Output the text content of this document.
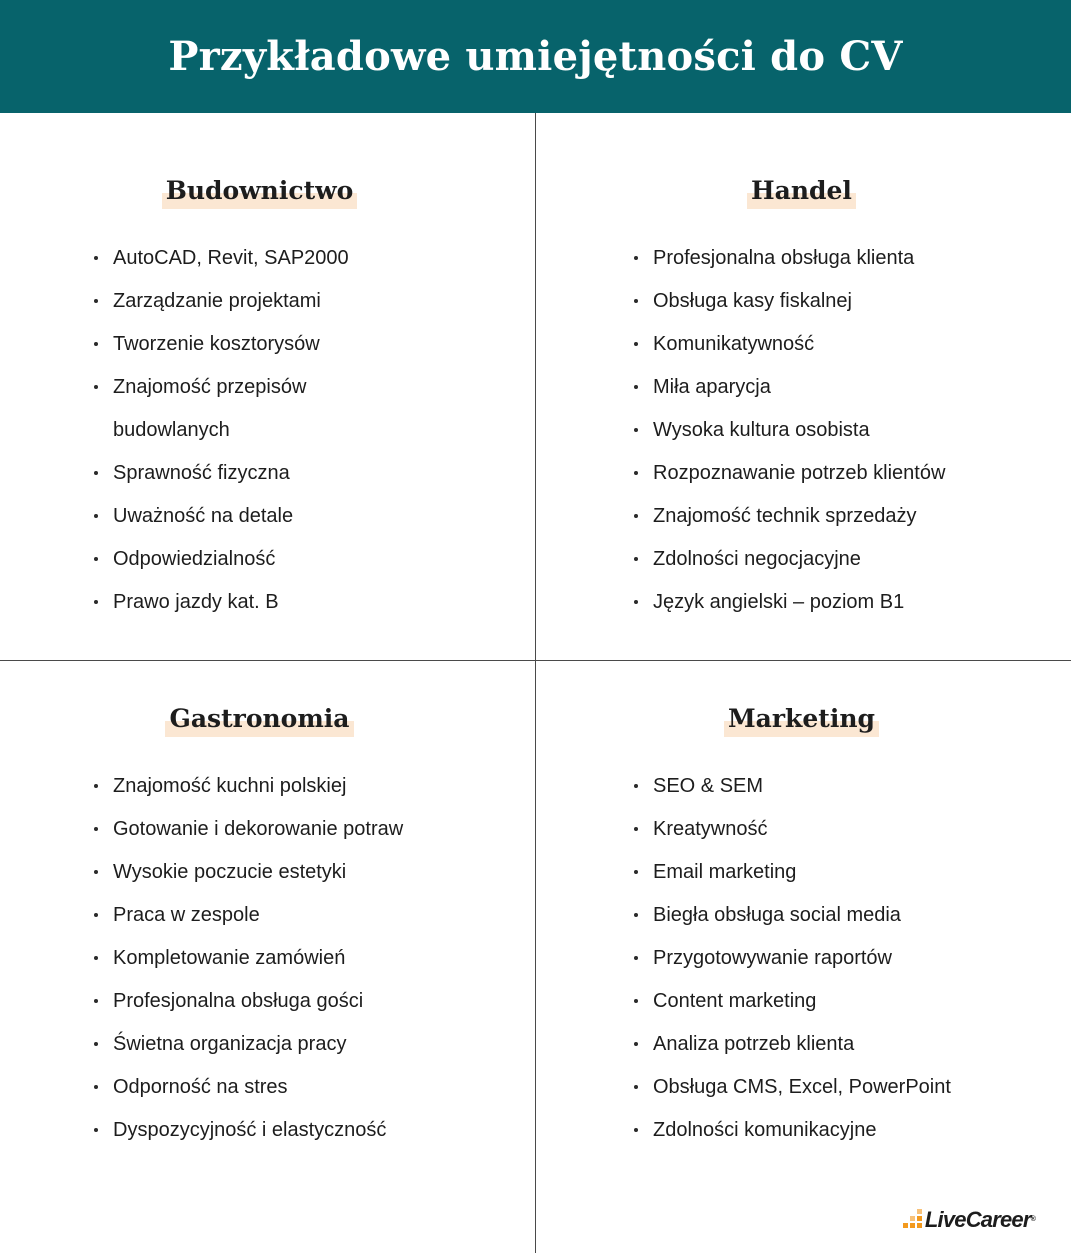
Przykładowe umiejętności do CV
Budownictwo
AutoCAD, Revit, SAP2000
Zarządzanie projektami
Tworzenie kosztorysów
Znajomość przepisów budowlanych
Sprawność fizyczna
Uważność na detale
Odpowiedzialność
Prawo jazdy kat. B
Handel
Profesjonalna obsługa klienta
Obsługa kasy fiskalnej
Komunikatywność
Miła aparycja
Wysoka kultura osobista
Rozpoznawanie potrzeb klientów
Znajomość technik sprzedaży
Zdolności negocjacyjne
Język angielski – poziom B1
Gastronomia
Znajomość kuchni polskiej
Gotowanie i dekorowanie potraw
Wysokie poczucie estetyki
Praca w zespole
Kompletowanie zamówień
Profesjonalna obsługa gości
Świetna organizacja pracy
Odporność na stres
Dyspozycyjność i elastyczność
Marketing
SEO & SEM
Kreatywność
Email marketing
Biegła obsługa social media
Przygotowywanie raportów
Content marketing
Analiza potrzeb klienta
Obsługa CMS, Excel, PowerPoint
Zdolności komunikacyjne
LiveCareer®
